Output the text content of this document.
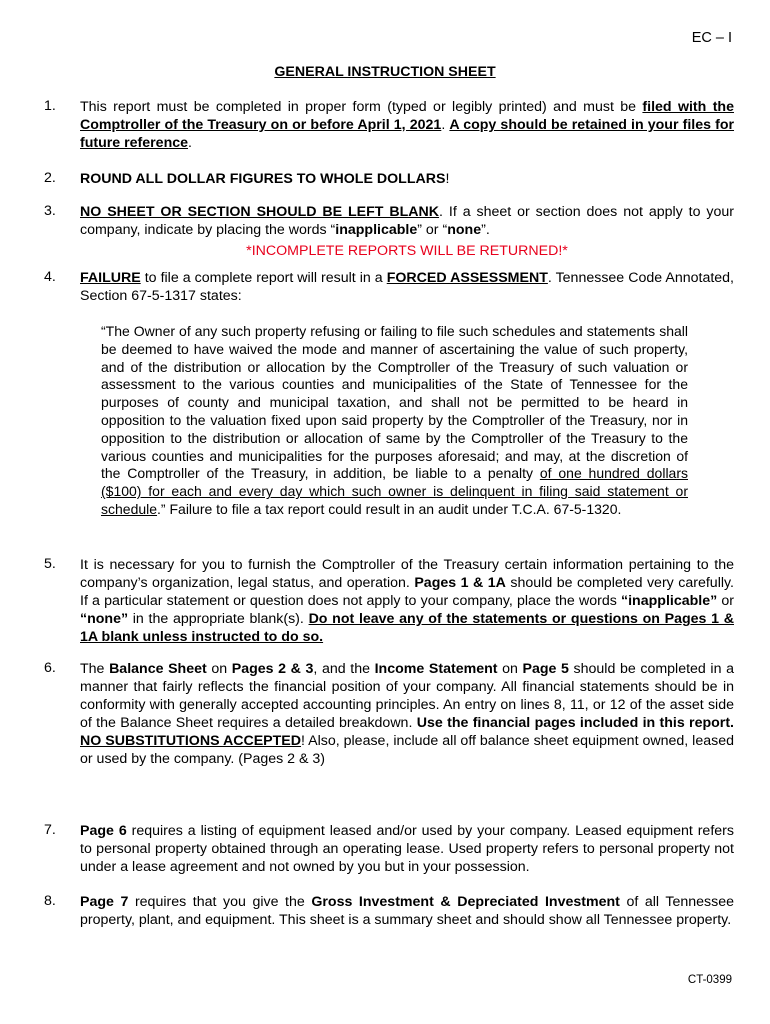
EC – I
GENERAL INSTRUCTION SHEET
1.	This report must be completed in proper form (typed or legibly printed) and must be filed with the Comptroller of the Treasury on or before April 1, 2021. A copy should be retained in your files for future reference.
2.	ROUND ALL DOLLAR FIGURES TO WHOLE DOLLARS!
3.	NO SHEET OR SECTION SHOULD BE LEFT BLANK. If a sheet or section does not apply to your company, indicate by placing the words “inapplicable” or “none”.
*INCOMPLETE REPORTS WILL BE RETURNED!*
4.	FAILURE to file a complete report will result in a FORCED ASSESSMENT. Tennessee Code Annotated, Section 67-5-1317 states:
“The Owner of any such property refusing or failing to file such schedules and statements shall be deemed to have waived the mode and manner of ascertaining the value of such property, and of the distribution or allocation by the Comptroller of the Treasury of such valuation or assessment to the various counties and municipalities of the State of Tennessee for the purposes of county and municipal taxation, and shall not be permitted to be heard in opposition to the valuation fixed upon said property by the Comptroller of the Treasury, nor in opposition to the distribution or allocation of same by the Comptroller of the Treasury to the various counties and municipalities for the purposes aforesaid; and may, at the discretion of the Comptroller of the Treasury, in addition, be liable to a penalty of one hundred dollars ($100) for each and every day which such owner is delinquent in filing said statement or schedule.” Failure to file a tax report could result in an audit under T.C.A. 67-5-1320.
5.	It is necessary for you to furnish the Comptroller of the Treasury certain information pertaining to the company’s organization, legal status, and operation. Pages 1 & 1A should be completed very carefully. If a particular statement or question does not apply to your company, place the words “inapplicable” or “none” in the appropriate blank(s). Do not leave any of the statements or questions on Pages 1 & 1A blank unless instructed to do so.
6.	The Balance Sheet on Pages 2 & 3, and the Income Statement on Page 5 should be completed in a manner that fairly reflects the financial position of your company. All financial statements should be in conformity with generally accepted accounting principles. An entry on lines 8, 11, or 12 of the asset side of the Balance Sheet requires a detailed breakdown. Use the financial pages included in this report. NO SUBSTITUTIONS ACCEPTED! Also, please, include all off balance sheet equipment owned, leased or used by the company. (Pages 2 & 3)
7.	Page 6 requires a listing of equipment leased and/or used by your company. Leased equipment refers to personal property obtained through an operating lease. Used property refers to personal property not under a lease agreement and not owned by you but in your possession.
8.	Page 7 requires that you give the Gross Investment & Depreciated Investment of all Tennessee property, plant, and equipment. This sheet is a summary sheet and should show all Tennessee property.
CT-0399
